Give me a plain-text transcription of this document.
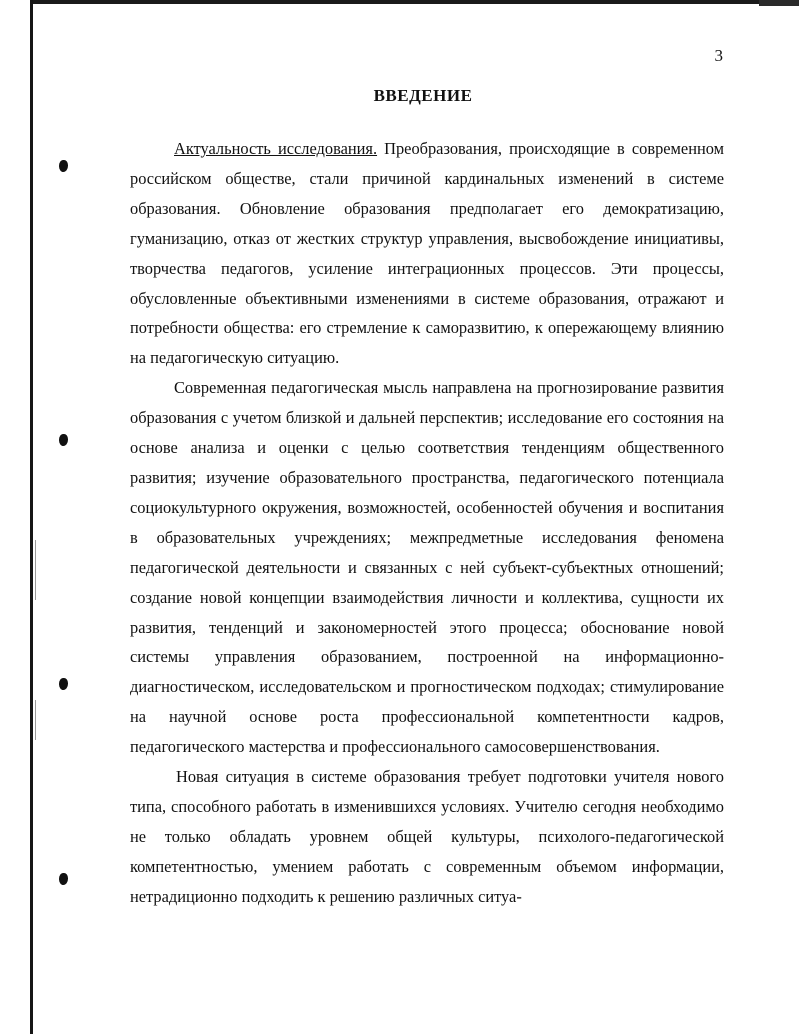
3
ВВЕДЕНИЕ

Актуальность исследования. Преобразования, происходящие в современном российском обществе, стали причиной кардинальных изменений в системе образования. Обновление образования предполагает его демократизацию, гуманизацию, отказ от жестких структур управления, высвобождение инициативы, творчества педагогов, усиление интеграционных процессов. Эти процессы, обусловленные объективными изменениями в системе образования, отражают и потребности общества: его стремление к саморазвитию, к опережающему влиянию на педагогическую ситуацию.

Современная педагогическая мысль направлена на прогнозирование развития образования с учетом близкой и дальней перспектив; исследование его состояния на основе анализа и оценки с целью соответствия тенденциям общественного развития; изучение образовательного пространства, педагогического потенциала социокультурного окружения, возможностей, особенностей обучения и воспитания в образовательных учреждениях; межпредметные исследования феномена педагогической деятельности и связанных с ней субъект-субъектных отношений; создание новой концепции взаимодействия личности и коллектива, сущности их развития, тенденций и закономерностей этого процесса; обоснование новой системы управления образованием, построенной на информационно-диагностическом, исследовательском и прогностическом подходах; стимулирование на научной основе роста профессиональной компетентности кадров, педагогического мастерства и профессионального самосовершенствования.

Новая ситуация в системе образования требует подготовки учителя нового типа, способного работать в изменившихся условиях. Учителю сегодня необходимо не только обладать уровнем общей культуры, психолого-педагогической компетентностью, умением работать с современным объемом информации, нетрадиционно подходить к решению различных ситуа-
